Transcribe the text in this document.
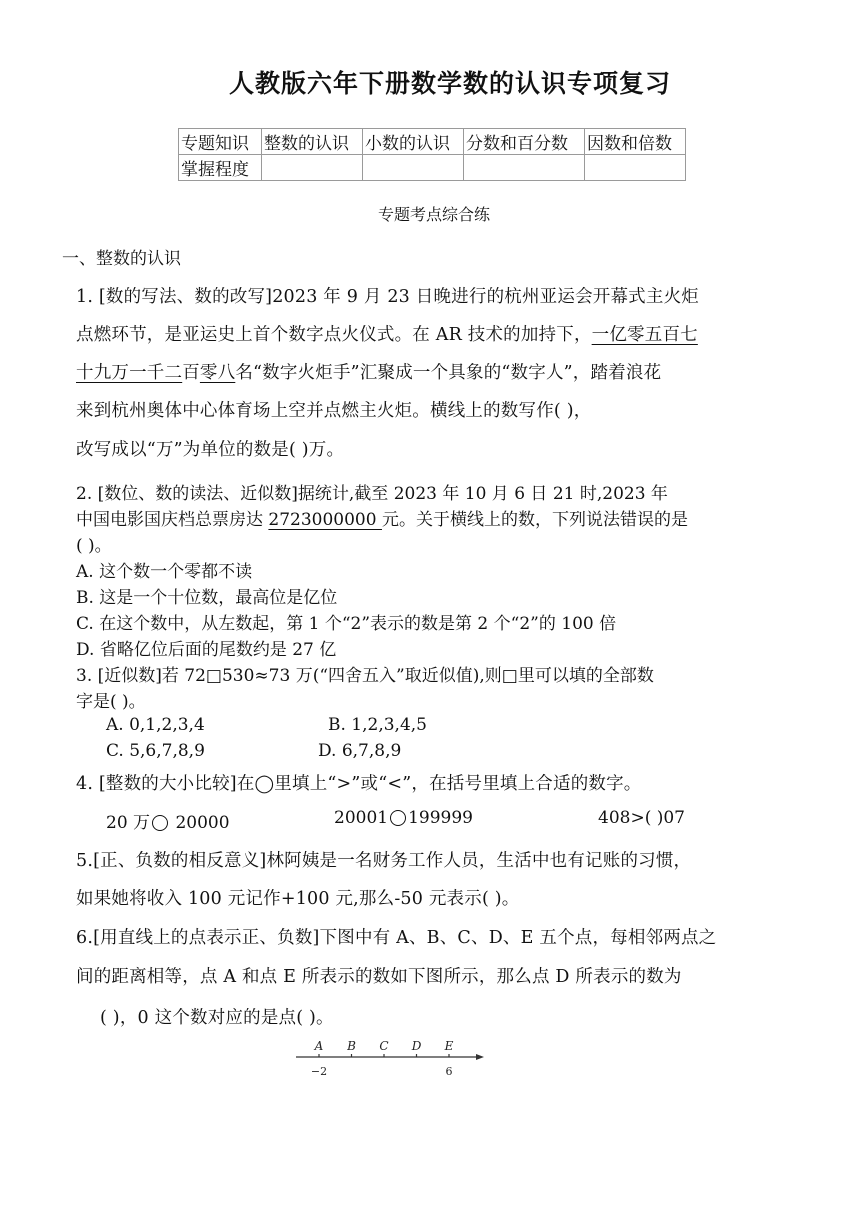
人教版六年下册数学数的认识专项复习
专题知识	整数的认识	小数的认识	分数和百分数	因数和倍数
掌握程度				
专题考点综合练
一、整数的认识
1. [数的写法、数的改写]2023 年 9 月 23 日晚进行的杭州亚运会开幕式主火炬
点燃环节，是亚运史上首个数字点火仪式。在 AR 技术的加持下，一亿零五百七
十九万一千二百零八名“数字火炬手”汇聚成一个具象的“数字人”，踏着浪花
来到杭州奥体中心体育场上空并点燃主火炬。横线上的数写作( )，
改写成以“万”为单位的数是( )万。
2. [数位、数的读法、近似数]据统计,截至 2023 年 10 月 6 日 21 时,2023 年
中国电影国庆档总票房达 2723000000 元。关于横线上的数，下列说法错误的是
( )。
A. 这个数一个零都不读
B. 这是一个十位数，最高位是亿位
C. 在这个数中，从左数起，第 1 个“2”表示的数是第 2 个“2”的 100 倍
D. 省略亿位后面的尾数约是 27 亿
3. [近似数]若 72□530≈73 万(“四舍五入”取近似值),则□里可以填的全部数
字是( )。
A. 0,1,2,3,4	B. 1,2,3,4,5
C. 5,6,7,8,9	D. 6,7,8,9
4. [整数的大小比较]在◯里填上“>”或“<”，在括号里填上合适的数字。
20 万 20000	20001 199999	408>( )07
5.[正、负数的相反意义]林阿姨是一名财务工作人员，生活中也有记账的习惯，
如果她将收入 100 元记作+100 元,那么-50 元表示( )。
6.[用直线上的点表示正、负数]下图中有 A、B、C、D、E 五个点，每相邻两点之
间的距离相等，点 A 和点 E 所表示的数如下图所示，那么点 D 所表示的数为
( )，0 这个数对应的是点( )。
A B C D E
−2	6
